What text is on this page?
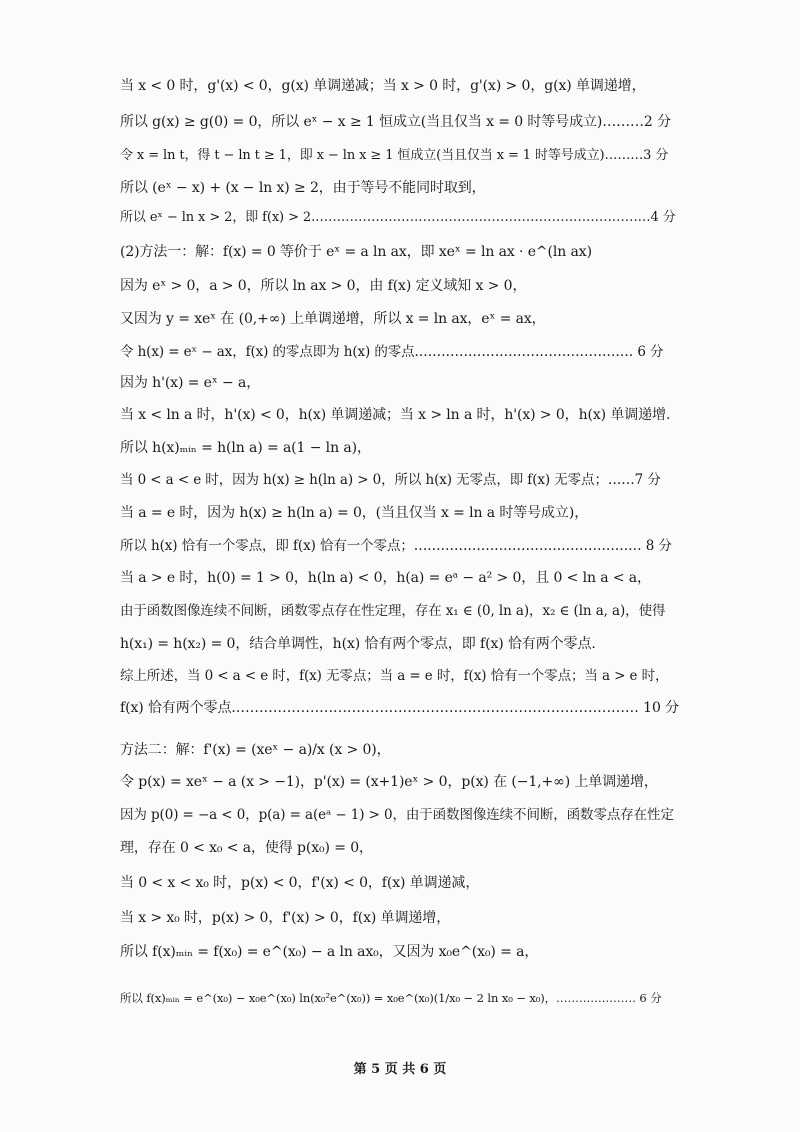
当 x < 0 时，g'(x) < 0，g(x) 单调递减；当 x > 0 时，g'(x) > 0，g(x) 单调递增，
所以 g(x) ≥ g(0) = 0，所以 eˣ − x ≥ 1 恒成立(当且仅当 x = 0 时等号成立)………2 分
令 x = ln t，得 t − ln t ≥ 1，即 x − ln x ≥ 1 恒成立(当且仅当 x = 1 时等号成立)………3 分
所以 (eˣ − x) + (x − ln x) ≥ 2，由于等号不能同时取到，
所以 eˣ − ln x > 2，即 f(x) > 2.……………………………………………………………………4 分
(2)方法一：解：f(x) = 0 等价于 eˣ = a ln ax，即 xeˣ = ln ax · e^(ln ax)
因为 eˣ > 0，a > 0，所以 ln ax > 0，由 f(x) 定义域知 x > 0，
又因为 y = xeˣ 在 (0,+∞) 上单调递增，所以 x = ln ax，eˣ = ax，
令 h(x) = eˣ − ax，f(x) 的零点即为 h(x) 的零点.………………………………………… 6 分
因为 h'(x) = eˣ − a，
当 x < ln a 时，h'(x) < 0，h(x) 单调递减；当 x > ln a 时，h'(x) > 0，h(x) 单调递增.
所以 h(x)ₘᵢₙ = h(ln a) = a(1 − ln a)，
当 0 < a < e 时，因为 h(x) ≥ h(ln a) > 0，所以 h(x) 无零点，即 f(x) 无零点；……7 分
当 a = e 时，因为 h(x) ≥ h(ln a) = 0，(当且仅当 x = ln a 时等号成立)，
所以 h(x) 恰有一个零点，即 f(x) 恰有一个零点；…………………………………………… 8 分
当 a > e 时，h(0) = 1 > 0，h(ln a) < 0，h(a) = eᵃ − a² > 0，且 0 < ln a < a，
由于函数图像连续不间断，函数零点存在性定理，存在 x₁ ∈ (0, ln a)，x₂ ∈ (ln a, a)，使得
h(x₁) = h(x₂) = 0，结合单调性，h(x) 恰有两个零点，即 f(x) 恰有两个零点.
综上所述，当 0 < a < e 时，f(x) 无零点；当 a = e 时，f(x) 恰有一个零点；当 a > e 时，
f(x) 恰有两个零点.…………………………………………………………………………… 10 分
方法二：解：f'(x) = (xeˣ − a)/x (x > 0)，
令 p(x) = xeˣ − a (x > −1)，p'(x) = (x+1)eˣ > 0，p(x) 在 (−1,+∞) 上单调递增，
因为 p(0) = −a < 0，p(a) = a(eᵃ − 1) > 0，由于函数图像连续不间断，函数零点存在性定
理，存在 0 < x₀ < a，使得 p(x₀) = 0，
当 0 < x < x₀ 时，p(x) < 0，f'(x) < 0，f(x) 单调递减，
当 x > x₀ 时，p(x) > 0，f'(x) > 0，f(x) 单调递增，
所以 f(x)ₘᵢₙ = f(x₀) = e^(x₀) − a ln ax₀，又因为 x₀e^(x₀) = a，
所以 f(x)ₘᵢₙ = e^(x₀) − x₀e^(x₀) ln(x₀²e^(x₀)) = x₀e^(x₀)(1/x₀ − 2 ln x₀ − x₀)，………………… 6 分
第 5 页 共 6 页
